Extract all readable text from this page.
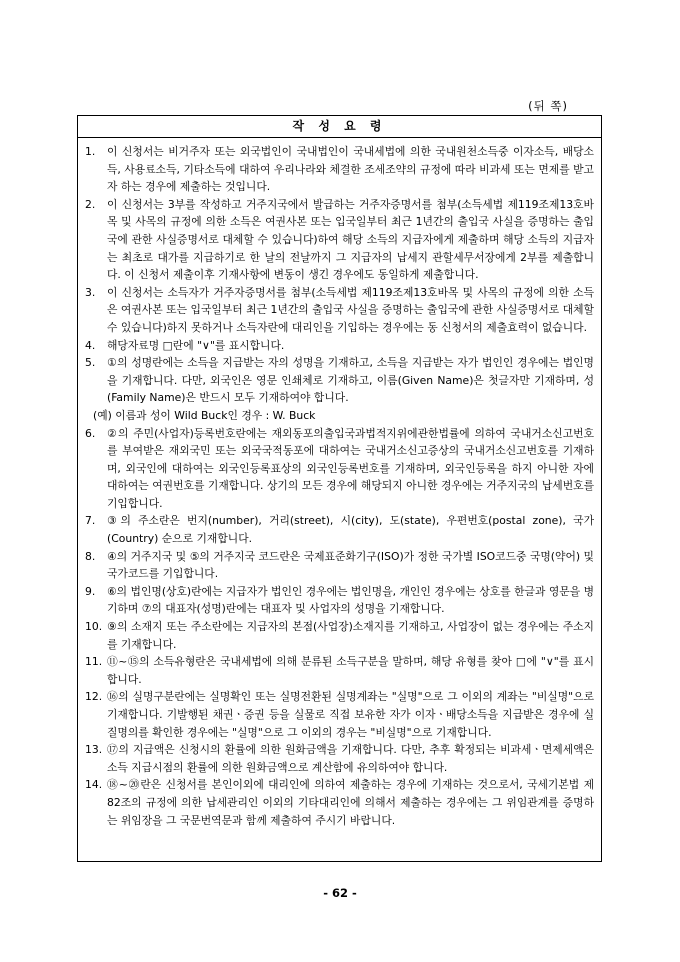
(뒤 쪽)
작 성 요 령
1.	이 신청서는 비거주자 또는 외국법인이 국내법인이 국내세법에 의한 국내원천소득중 이자소득, 배당소득, 사용료소득, 기타소득에 대하여 우리나라와 체결한 조세조약의 규정에 따라 비과세 또는 면제를 받고자 하는 경우에 제출하는 것입니다.
2.	이 신청서는 3부를 작성하고 거주지국에서 발급하는 거주자증명서를 첨부(소득세법 제119조제13호바목 및 사목의 규정에 의한 소득은 여권사본 또는 입국일부터 최근 1년간의 출입국 사실을 증명하는 출입국에 관한 사실증명서로 대체할 수 있습니다)하여 해당 소득의 지급자에게 제출하며 해당 소득의 지급자는 최초로 대가를 지급하기로 한 날의 전날까지 그 지급자의 납세지 관할세무서장에게 2부를 제출합니다. 이 신청서 제출이후 기재사항에 변동이 생긴 경우에도 동일하게 제출합니다.
3.	이 신청서는 소득자가 거주자증명서를 첨부(소득세법 제119조제13호바목 및 사목의 규정에 의한 소득은 여권사본 또는 입국일부터 최근 1년간의 출입국 사실을 증명하는 출입국에 관한 사실증명서로 대체할 수 있습니다)하지 못하거나 소득자란에 대리인을 기입하는 경우에는 동 신청서의 제출효력이 없습니다.
4.	해당자료명 □란에 "∨"를 표시합니다.
5.	①의 성명란에는 소득을 지급받는 자의 성명을 기재하고, 소득을 지급받는 자가 법인인 경우에는 법인명을 기재합니다. 다만, 외국인은 영문 인쇄체로 기재하고, 이름(Given Name)은 첫글자만 기재하며, 성(Family Name)은 반드시 모두 기재하여야 합니다.
(예) 이름과 성이 Wild Buck인 경우 : W. Buck
6.	②의 주민(사업자)등록번호란에는 재외동포의출입국과법적지위에관한법률에 의하여 국내거소신고번호를 부여받은 재외국민 또는 외국국적동포에 대하여는 국내거소신고증상의 국내거소신고번호를 기재하며, 외국인에 대하여는 외국인등록표상의 외국인등록번호를 기재하며, 외국인등록을 하지 아니한 자에 대하여는 여권번호를 기재합니다. 상기의 모든 경우에 해당되지 아니한 경우에는 거주지국의 납세번호를 기입합니다.
7.	③의 주소란은 번지(number), 거리(street), 시(city), 도(state), 우편번호(postal zone), 국가(Country) 순으로 기재합니다.
8.	④의 거주지국 및 ⑤의 거주지국 코드란은 국제표준화기구(ISO)가 정한 국가별 ISO코드중 국명(약어) 및 국가코드를 기입합니다.
9.	⑥의 법인명(상호)란에는 지급자가 법인인 경우에는 법인명을, 개인인 경우에는 상호를 한글과 영문을 병기하며 ⑦의 대표자(성명)란에는 대표자 및 사업자의 성명을 기재합니다.
10. ⑨의 소재지 또는 주소란에는 지급자의 본점(사업장)소재지를 기재하고, 사업장이 없는 경우에는 주소지를 기재합니다.
11. ⑪~⑮의 소득유형란은 국내세법에 의해 분류된 소득구분을 말하며, 해당 유형를 찾아 □에 "∨"를 표시합니다.
12. ⑯의 실명구분란에는 실명확인 또는 실명전환된 실명계좌는 "실명"으로 그 이외의 계좌는 "비실명"으로 기재합니다. 기발행된 채권ㆍ증권 등을 실물로 직접 보유한 자가 이자ㆍ배당소득을 지급받은 경우에 실질명의를 확인한 경우에는 "실명"으로 그 이외의 경우는 "비실명"으로 기재합니다.
13. ⑰의 지급액은 신청시의 환률에 의한 원화금액을 기재합니다. 다만, 추후 확정되는 비과세ㆍ면제세액은 소득 지급시점의 환률에 의한 원화금액으로 계산함에 유의하여야 합니다.
14. ⑱~⑳란은 신청서를 본인이외에 대리인에 의하여 제출하는 경우에 기재하는 것으로서, 국세기본법 제82조의 규정에 의한 납세관리인 이외의 기타대리인에 의해서 제출하는 경우에는 그 위임관계를 증명하는 위임장을 그 국문번역문과 함께 제출하여 주시기 바랍니다.
- 62 -
